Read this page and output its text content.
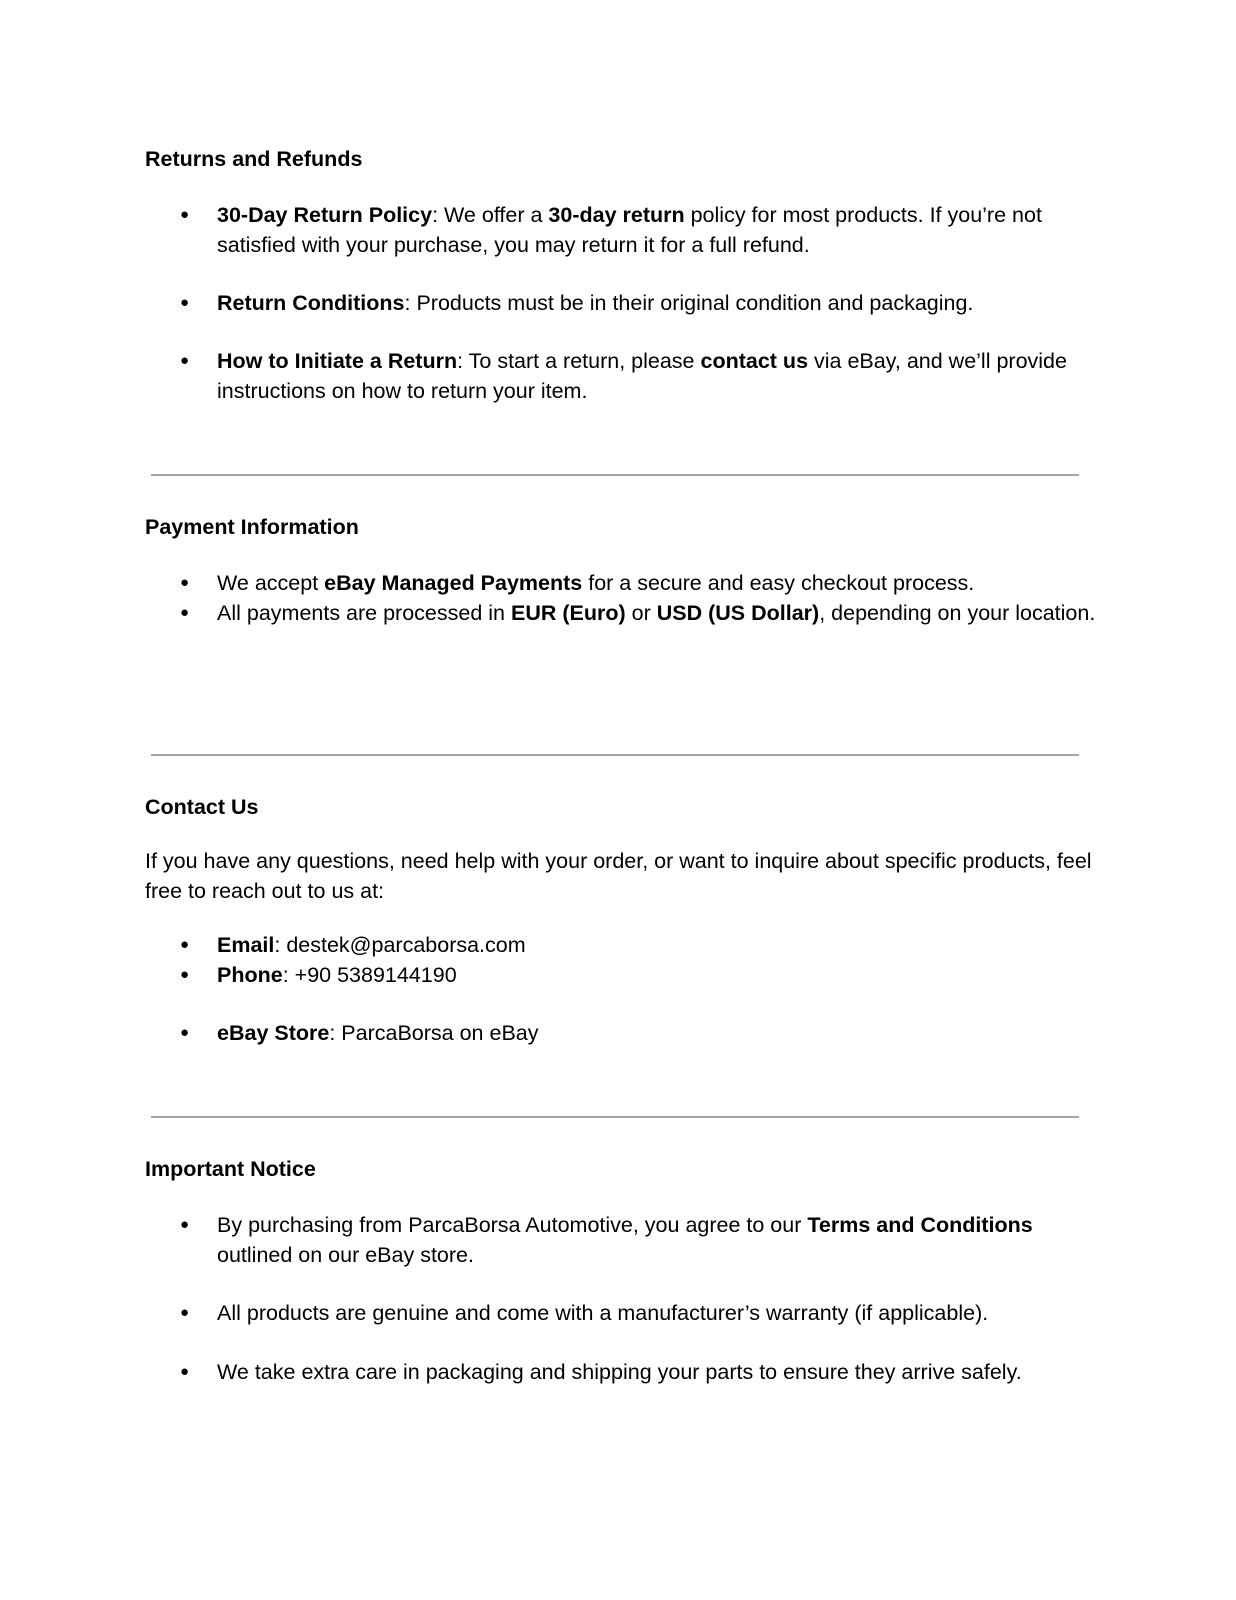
Returns and Refunds

● 30-Day Return Policy: We offer a 30-day return policy for most products. If you’re not satisfied with your purchase, you may return it for a full refund.

● Return Conditions: Products must be in their original condition and packaging.

● How to Initiate a Return: To start a return, please contact us via eBay, and we’ll provide instructions on how to return your item.

Payment Information

● We accept eBay Managed Payments for a secure and easy checkout process.

● All payments are processed in EUR (Euro) or USD (US Dollar), depending on your location.

Contact Us

If you have any questions, need help with your order, or want to inquire about specific products, feel free to reach out to us at:

● Email: destek@parcaborsa.com

● Phone: +90 5389144190

● eBay Store: ParcaBorsa on eBay

Important Notice

● By purchasing from ParcaBorsa Automotive, you agree to our Terms and Conditions outlined on our eBay store.

● All products are genuine and come with a manufacturer’s warranty (if applicable).

● We take extra care in packaging and shipping your parts to ensure they arrive safely.
